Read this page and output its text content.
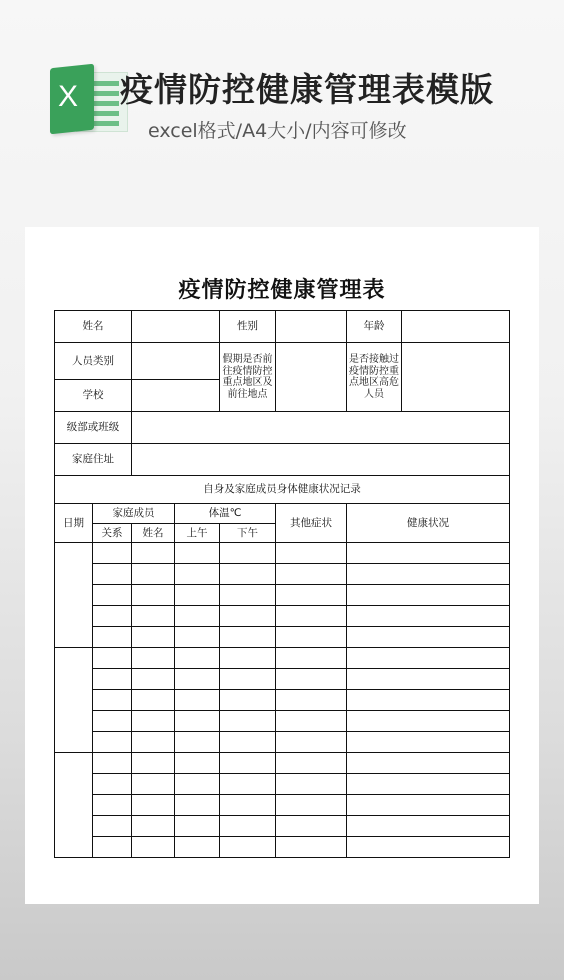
X 疫情防控健康管理表模版
excel格式/A4大小/内容可修改
疫情防控健康管理表
姓名				性别		年龄	
人员类别				假期是否前往疫情防控重点地区及前往地点		是否接触过疫情防控重点地区高危人员	
学校							
级部或班级							
家庭住址							
自身及家庭成员身体健康状况记录							
日期	家庭成员		体温℃		其他症状	健康状况	
	关系	姓名	上午	下午			
